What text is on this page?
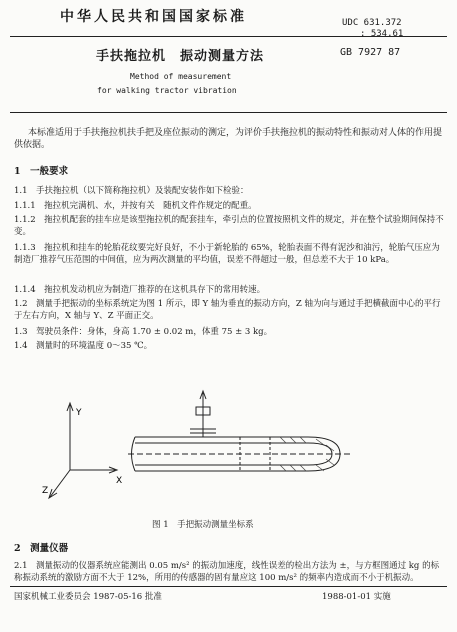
中华人民共和国国家标准	UDC 631.372
: 534.61
手扶拖拉机　振动测量方法	GB 7927 87
Method of measurement
for walking tractor vibration
本标准适用于手扶拖拉机扶手把及座位振动的测定，为评价手扶拖拉机的振动特性和振动对人体的作用提供依据。
1　一般要求
1.1　手扶拖拉机（以下简称拖拉机）及装配安装作如下检验：
1.1.1　拖拉机完满机、水，并按有关　随机文件作规定的配重。
1.1.2　拖拉机配套的挂车应是该型拖拉机的配套挂车，牵引点的位置按照机文件的规定，并在整个试验期间保持不变。
1.1.3　拖拉机和挂车的轮胎花纹要完好良好，不小于新轮胎的 65%，轮胎表面不得有泥沙和油污，轮胎气压应为制造厂推荐气压范围的中间值，应为两次测量的平均值，误差不得超过一般，但总差不大于 10 kPa。
1.1.4　拖拉机发动机应为制造厂推荐的在这机具存下的常用转速。
1.2　测量手把振动的坐标系统定为图 1 所示，即 Y 轴为垂直的振动方向，Z 轴为向与通过手把横截面中心的平行于左右方向，X 轴与 Y、Z 平面正交。
1.3　驾驶员条件：身体，身高 1.70 ± 0.02 m，体重 75 ± 3 kg。
1.4　测量时的环境温度 0～35 ℃。
Y
X
Z
图 1　手把振动测量坐标系
2　测量仪器
2.1　测量振动的仪器系统应能测出 0.05 m/s² 的振动加速度，线性误差的检出方法为 ±，与方框图通过 kg 的标称振动系统的激励方面不大于 12%，所用的传感器的固有量应这 100 m/s² 的频率内造成而不小于机振动。
国家机械工业委员会 1987-05-16 批准	1988-01-01 实施
